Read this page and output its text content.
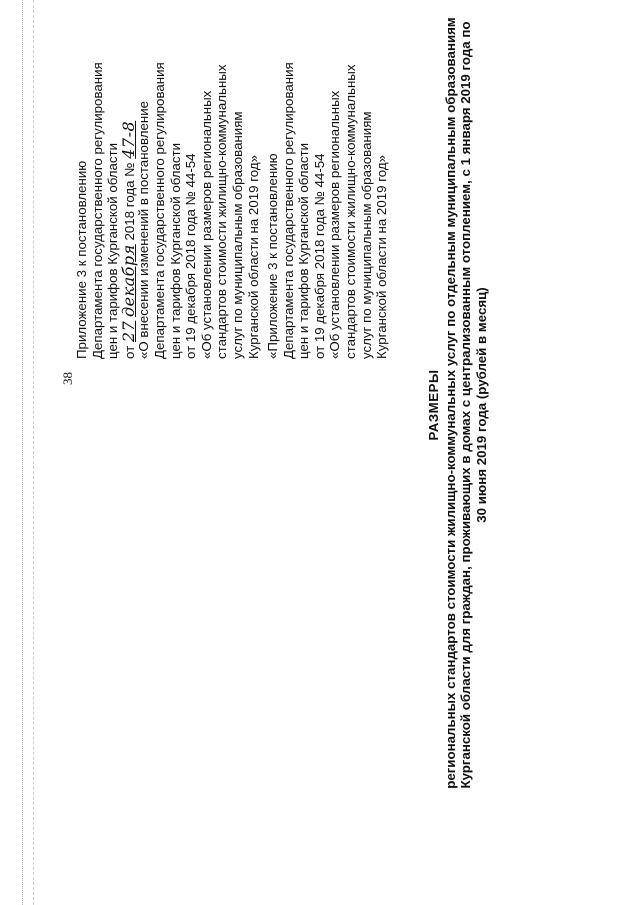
38
Приложение 3 к постановлению Департамента государственного регулирования цен и тарифов Курганской области от 27 декабря 2018 года № 47-8
«О внесении изменений в постановление Департамента государственного регулирования цен и тарифов Курганской области от 19 декабря 2018 года № 44-54 «Об установлении размеров региональных стандартов стоимости жилищно-коммунальных услуг по муниципальным образованиям Курганской области на 2019 год» «Приложение 3 к постановлению Департамента государственного регулирования цен и тарифов Курганской области от 19 декабря 2018 года № 44-54 «Об установлении размеров региональных стандартов стоимости жилищно-коммунальных услуг по муниципальным образованиям Курганской области на 2019 год»
РАЗМЕРЫ региональных стандартов стоимости жилищно-коммунальных услуг по отдельным муниципальным образованиям Курганской области для граждан, проживающих в домах с централизованным отоплением, с 1 января 2019 года по 30 июня 2019 года (рублей в месяц)
